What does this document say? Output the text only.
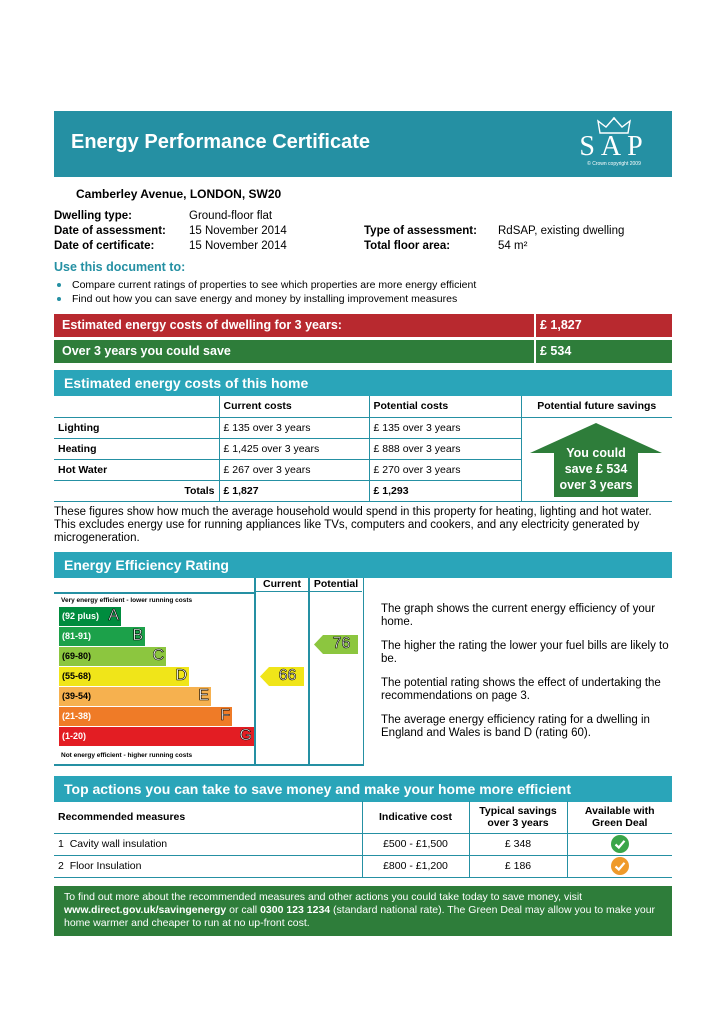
Energy Performance Certificate	SAP
© Crown copyright 2009
Camberley Avenue, LONDON, SW20
Dwelling type:	Ground-floor flat
Date of assessment: 15 November 2014
Date of certificate:	15 November 2014
Type of assessment: RdSAP, existing dwelling
Total floor area:	54 m²
Use this document to:
Compare current ratings of properties to see which properties are more energy efficient
Find out how you can save energy and money by installing improvement measures
Estimated energy costs of dwelling for 3 years:	£ 1,827
Over 3 years you could save	£ 534
Estimated energy costs of this home
	Current costs	Potential costs	Potential future savings
Lighting	£ 135 over 3 years	£ 135 over 3 years	
Heating	£ 1,425 over 3 years	£ 888 over 3 years	
Hot Water	£ 267 over 3 years	£ 270 over 3 years	
Totals	£ 1,827	£ 1,293	
You could
save £ 534
over 3 years
These figures show how much the average household would spend in this property for heating, lighting and hot water. This excludes energy use for running appliances like TVs, computers and cookers, and any electricity generated by microgeneration.
Energy Efficiency Rating
Current	Potential
Very energy efficient - lower running costs
(92 plus) A
(81-91)	B
(69-80)	C
(55-68)	D
(39-54)	E
(21-38)	F
(1-20)	G
Not energy efficient - higher running costs
66
76

The graph shows the current energy efficiency of your home.

The higher the rating the lower your fuel bills are likely to be.

The potential rating shows the effect of undertaking the recommendations on page 3.

The average energy efficiency rating for a dwelling in England and Wales is band D (rating 60).

Top actions you can take to save money and make your home more efficient
Recommended measures	Indicative cost	Typical savings over 3 years	Available with Green Deal
1 Cavity wall insulation	£500 - £1,500	£ 348	
2 Floor Insulation	£800 - £1,200	£ 186	
To find out more about the recommended measures and other actions you could take today to save money, visit www.direct.gov.uk/savingenergy or call 0300 123 1234 (standard national rate). The Green Deal may allow you to make your home warmer and cheaper to run at no up-front cost.
